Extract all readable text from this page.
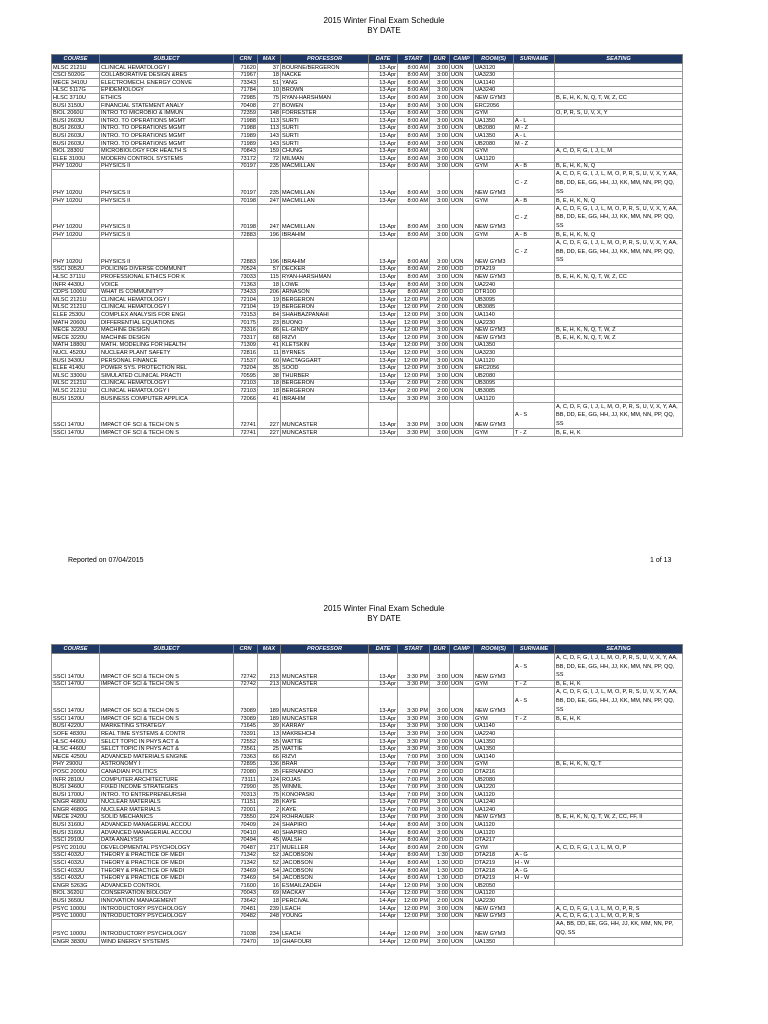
2015 Winter Final Exam Schedule
BY DATE
COURSE	SUBJECT	CRN	MAX	PROFESSOR	DATE	START	DUR	CAMP	ROOM(S)	SURNAME	SEATING
MLSC 2121U	CLINICAL HEMATOLOGY I	71620	37	BOURNE/BERGERON	13-Apr	8:00 AM	3:00	UON	UA3120		
CSCI 5020G	COLLABORATIVE DESIGN &RES	71967	18	NACKE	13-Apr	8:00 AM	3:00	UON	UA3230		
MECE 3410U	ELECTROMECH. ENERGY CONVE	73343	51	YANG	13-Apr	8:00 AM	3:00	UON	UA1140		
HLSC 5117G	EPIDEMIOLOGY	71784	10	BROWN	13-Apr	8:00 AM	3:00	UON	UA3240		
HLSC 3710U	ETHICS	72985	75	RYAN-HARSHMAN	13-Apr	8:00 AM	3:00	UON	NEW GYM3		B, E, H, K, N, Q, T, W, Z, CC
BUSI 3150U	FINANCIAL STATEMENT ANALY	70408	27	BOWEN	13-Apr	8:00 AM	3:00	UON	ERC2056		
BIOL 2060U	INTRO TO MICROBIO & IMMUN	72359	148	FORRESTER	13-Apr	8:00 AM	3:00	UON	GYM		O, P, R, S, U, V, X, Y
BUSI 2603U	INTRO. TO OPERATIONS MGMT	71988	113	SURTI	13-Apr	8:00 AM	3:00	UON	UA1350	A - L	
BUSI 2603U	INTRO. TO OPERATIONS MGMT	71988	113	SURTI	13-Apr	8:00 AM	3:00	UON	UB2080	M - Z	
BUSI 2603U	INTRO. TO OPERATIONS MGMT	71989	143	SURTI	13-Apr	8:00 AM	3:00	UON	UA1350	A - L	
BUSI 2603U	INTRO. TO OPERATIONS MGMT	71989	143	SURTI	13-Apr	8:00 AM	3:00	UON	UB2080	M - Z	
BIOL 2830U	MICROBIOLOGY FOR HEALTH S	70843	159	CHUNG	13-Apr	8:00 AM	3:00	UON	GYM		A, C, D, F, G, I, J, L, M
ELEE 3100U	MODERN CONTROL SYSTEMS	73172	72	MILMAN	13-Apr	8:00 AM	3:00	UON	UA1120		
PHY 1020U	PHYSICS II	70197	235	MACMILLAN	13-Apr	8:00 AM	3:00	UON	GYM	A - B	B, E, H, K, N, Q
PHY 1020U	PHYSICS II	70197	235	MACMILLAN	13-Apr	8:00 AM	3:00	UON	NEW GYM3	C - Z	A, C, D, F, G, I, J, L, M, O, P, R, S, U, V, X, Y, AA, BB, DD, EE, GG, HH, JJ, KK, MM, NN, PP, QQ, SS
PHY 1020U	PHYSICS II	70198	247	MACMILLAN	13-Apr	8:00 AM	3:00	UON	GYM	A - B	B, E, H, K, N, Q
PHY 1020U	PHYSICS II	70198	247	MACMILLAN	13-Apr	8:00 AM	3:00	UON	NEW GYM3	C - Z	A, C, D, F, G, I, J, L, M, O, P, R, S, U, V, X, Y, AA, BB, DD, EE, GG, HH, JJ, KK, MM, NN, PP, QQ, SS
PHY 1020U	PHYSICS II	72883	196	IBRAHIM	13-Apr	8:00 AM	3:00	UON	GYM	A - B	B, E, H, K, N, Q
PHY 1020U	PHYSICS II	72883	196	IBRAHIM	13-Apr	8:00 AM	3:00	UON	NEW GYM3	C - Z	A, C, D, F, G, I, J, L, M, O, P, R, S, U, V, X, Y, AA, BB, DD, EE, GG, HH, JJ, KK, MM, NN, PP, QQ, SS
SSCI 3052U	POLICING DIVERSE COMMUNIT	70524	57	DECKER	13-Apr	8:00 AM	2:00	UOD	DTA219		
HLSC 3711U	PROFESSIONAL ETHICS FOR K	73033	115	RYAN-HARSHMAN	13-Apr	8:00 AM	3:00	UON	NEW GYM3		B, E, H, K, N, Q, T, W, Z, CC
INFR 4430U	VOICE	71363	18	LOWE	13-Apr	8:00 AM	3:00	UON	UA2240		
CDPS 1000U	WHAT IS COMMUNITY?	73433	206	ARNASON	13-Apr	8:00 AM	3:00	UOD	DTR100		
MLSC 2121U	CLINICAL HEMATOLOGY I	72104	19	BERGERON	13-Apr	12:00 PM	2:00	UON	UB3095		
MLSC 2121U	CLINICAL HEMATOLOGY I	72104	19	BERGERON	13-Apr	12:00 PM	2:00	UON	UB3085		
ELEE 2530U	COMPLEX ANALYSIS FOR ENGI	73153	84	SHAHBAZPANAHI	13-Apr	12:00 PM	3:00	UON	UA1140		
MATH 2060U	DIFFERENTIAL EQUATIONS	70175	23	BUONO	13-Apr	12:00 PM	3:00	UON	UA2230		
MECE 3220U	MACHINE DESIGN	73316	86	EL-GINDY	13-Apr	12:00 PM	3:00	UON	NEW GYM3		B, E, H, K, N, Q, T, W, Z
MECE 3220U	MACHINE DESIGN	73317	68	RIZVI	13-Apr	12:00 PM	3:00	UON	NEW GYM3		B, E, H, K, N, Q, T, W, Z
MATH 1880U	MATH. MODELING FOR HEALTH	71309	41	KLETSKIN	13-Apr	12:00 PM	3:00	UON	UA1350		
NUCL 4520U	NUCLEAR PLANT SAFETY	72816	11	BYRNES	13-Apr	12:00 PM	3:00	UON	UA3230		
BUSI 3430U	PERSONAL FINANCE	71537	60	MACTAGGART	13-Apr	12:00 PM	3:00	UON	UA1120		
ELEE 4140U	POWER SYS. PROTECTION REL	73204	35	SOOD	13-Apr	12:00 PM	3:00	UON	ERC2056		
MLSC 3300U	SIMULATED CLINICAL PRACTI	70595	38	THURBER	13-Apr	12:00 PM	3:00	UON	UB2080		
MLSC 2121U	CLINICAL HEMATOLOGY I	72103	18	BERGERON	13-Apr	2:00 PM	2:00	UON	UB3095		
MLSC 2121U	CLINICAL HEMATOLOGY I	72103	18	BERGERON	13-Apr	2:00 PM	2:00	UON	UB3085		
BUSI 1520U	BUSINESS COMPUTER APPLICA	72066	41	IBRAHIM	13-Apr	3:30 PM	3:00	UON	UA1120		
SSCI 1470U	IMPACT OF SCI & TECH ON S	72741	227	MUNCASTER	13-Apr	3:30 PM	3:00	UON	NEW GYM3	A - S	A, C, D, F, G, I, J, L, M, O, P, R, S, U, V, X, Y, AA, BB, DD, EE, GG, HH, JJ, KK, MM, NN, PP, QQ, SS
SSCI 1470U	IMPACT OF SCI & TECH ON S	72741	227	MUNCASTER	13-Apr	3:30 PM	3:00	UON	GYM	T - Z	B, E, H, K
Reported on 07/04/2015	1 of 13
2015 Winter Final Exam Schedule
BY DATE
COURSE	SUBJECT	CRN	MAX	PROFESSOR	DATE	START	DUR	CAMP	ROOM(S)	SURNAME	SEATING
SSCI 1470U	IMPACT OF SCI & TECH ON S	72742	213	MUNCASTER	13-Apr	3:30 PM	3:00	UON	NEW GYM3	A - S	A, C, D, F, G, I, J, L, M, O, P, R, S, U, V, X, Y, AA, BB, DD, EE, GG, HH, JJ, KK, MM, NN, PP, QQ, SS
SSCI 1470U	IMPACT OF SCI & TECH ON S	72742	213	MUNCASTER	13-Apr	3:30 PM	3:00	UON	GYM	T - Z	B, E, H, K
SSCI 1470U	IMPACT OF SCI & TECH ON S	73089	189	MUNCASTER	13-Apr	3:30 PM	3:00	UON	NEW GYM3	A - S	A, C, D, F, G, I, J, L, M, O, P, R, S, U, V, X, Y, AA, BB, DD, EE, GG, HH, JJ, KK, MM, NN, PP, QQ, SS
SSCI 1470U	IMPACT OF SCI & TECH ON S	73089	189	MUNCASTER	13-Apr	3:30 PM	3:00	UON	GYM	T - Z	B, E, H, K
BUSI 4220U	MARKETING STRATEGY	71645	39	KARRAY	13-Apr	3:30 PM	3:00	UON	UA1140		
SOFE 4830U	REAL TIME SYSTEMS & CONTR	73391	13	MAKREHCHI	13-Apr	3:30 PM	3:00	UON	UA2240		
HLSC 4460U	SELCT TOPIC IN PHYS ACT &	72552	55	WATTIE	13-Apr	3:30 PM	3:00	UON	UA1350		
HLSC 4460U	SELCT TOPIC IN PHYS ACT &	73561	25	WATTIE	13-Apr	3:30 PM	3:00	UON	UA1350		
MECE 4250U	ADVANCED MATERIALS ENGINE	73363	66	RIZVI	13-Apr	7:00 PM	3:00	UON	UA1140		
PHY 2900U	ASTRONOMY I	72895	136	BRAR	13-Apr	7:00 PM	3:00	UON	GYM		B, E, H, K, N, Q, T
POSC 2000U	CANADIAN POLITICS	72080	35	FERNANDO	13-Apr	7:00 PM	2:00	UOD	DTA216		
INFR 2810U	COMPUTER ARCHITECTURE	73111	124	ROJAS	13-Apr	7:00 PM	3:00	UON	UB2080		
BUSI 3460U	FIXED INCOME STRATEGIES	72990	35	WINMIL	13-Apr	7:00 PM	3:00	UON	UA1220		
BUSI 1700U	INTRO. TO ENTREPRENEURSHI	70313	75	KONOPASKI	13-Apr	7:00 PM	3:00	UON	UA1120		
ENGR 4680U	NUCLEAR MATERIALS	71151	28	KAYE	13-Apr	7:00 PM	3:00	UON	UA1240		
ENGR 4680G	NUCLEAR MATERIALS	72001	2	KAYE	13-Apr	7:00 PM	3:00	UON	UA1240		
MECE 2420U	SOLID MECHANICS	73550	224	ROHRAUER	13-Apr	7:00 PM	3:00	UON	NEW GYM3		B, E, H, K, N, Q, T, W, Z, CC, FF, II
BUSI 3160U	ADVANCED MANAGERIAL ACCOU	70409	24	SHAPIRO	14-Apr	8:00 AM	3:00	UON	UA1120		
BUSI 3160U	ADVANCED MANAGERIAL ACCOU	70410	40	SHAPIRO	14-Apr	8:00 AM	3:00	UON	UA1120		
SSCI 2910U	DATA ANALYSIS	70494	45	WALSH	14-Apr	8:00 AM	2:00	UOD	DTA217		
PSYC 2010U	DEVELOPMENTAL PSYCHOLOGY	70487	217	MUELLER	14-Apr	8:00 AM	2:00	UON	GYM		A, C, D, F, G, I, J, L, M, O, P
SSCI 4032U	THEORY & PRACTICE OF MEDI	71342	52	JACOBSON	14-Apr	8:00 AM	1:30	UOD	DTA218	A - G	
SSCI 4032U	THEORY & PRACTICE OF MEDI	71342	52	JACOBSON	14-Apr	8:00 AM	1:30	UOD	DTA219	H - W	
SSCI 4032U	THEORY & PRACTICE OF MEDI	73469	54	JACOBSON	14-Apr	8:00 AM	1:30	UOD	DTA218	A - G	
SSCI 4032U	THEORY & PRACTICE OF MEDI	73469	54	JACOBSON	14-Apr	8:00 AM	1:30	UOD	DTA219	H - W	
ENGR 5263G	ADVANCED CONTROL	71600	16	ESMAILZADEH	14-Apr	12:00 PM	3:00	UON	UB2050		
BIOL 3620U	CONSERVATION BIOLOGY	70043	69	MACKAY	14-Apr	12:00 PM	3:00	UON	UA1120		
BUSI 3650U	INNOVATION MANAGEMENT	73642	18	PERCIVAL	14-Apr	12:00 PM	2:00	UON	UA2230		
PSYC 1000U	INTRODUCTORY PSYCHOLOGY	70481	239	LEACH	14-Apr	12:00 PM	3:00	UON	NEW GYM3		A, C, D, F, G, I, J, L, M, O, P, R, S
PSYC 1000U	INTRODUCTORY PSYCHOLOGY	70482	248	YOUNG	14-Apr	12:00 PM	3:00	UON	NEW GYM3		A, C, D, F, G, I, J, L, M, O, P, R, S
PSYC 1000U	INTRODUCTORY PSYCHOLOGY	71038	234	LEACH	14-Apr	12:00 PM	3:00	UON	NEW GYM3		AA, BB, DD, EE, GG, HH, JJ, KK, MM, NN, PP, QQ, SS
ENGR 3830U	WIND ENERGY SYSTEMS	72470	19	GHAFOURI	14-Apr	12:00 PM	3:00	UON	UA1350		
